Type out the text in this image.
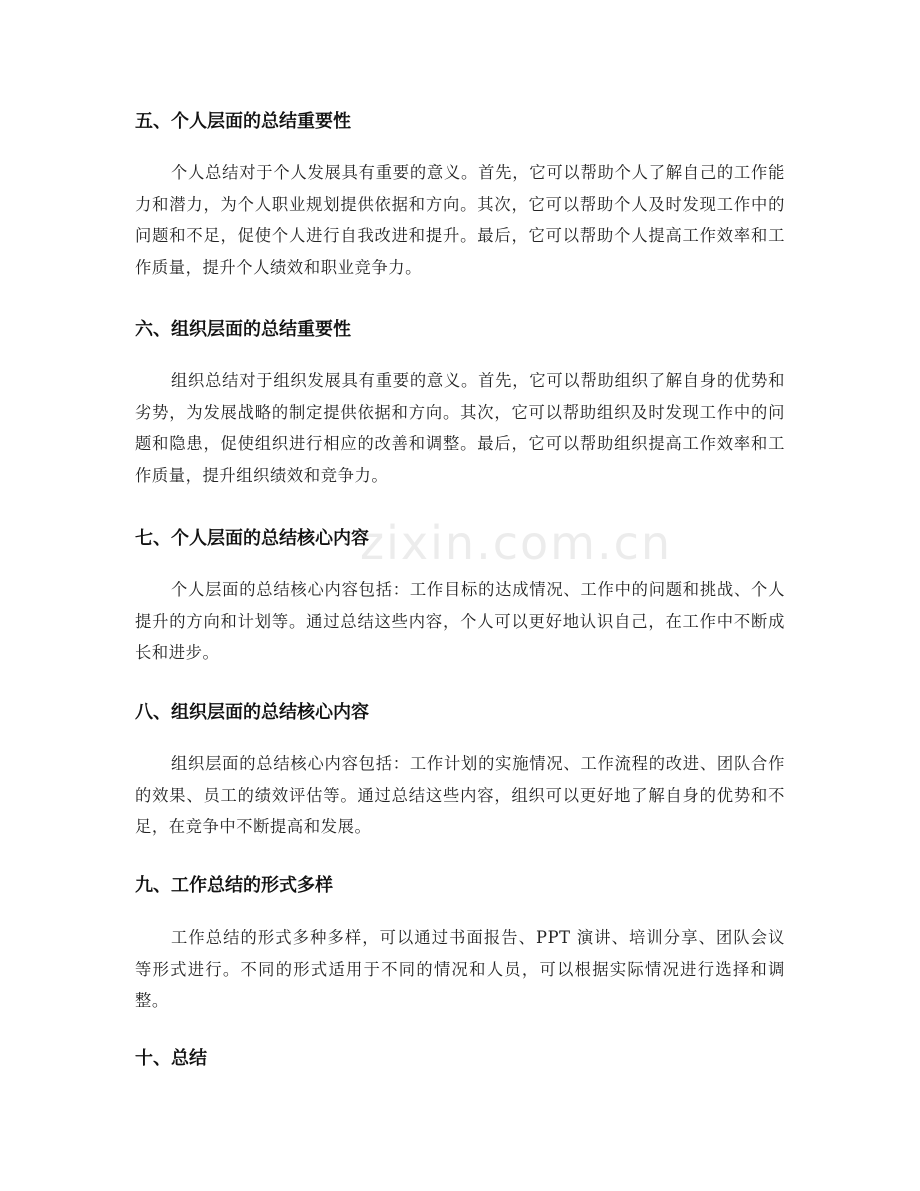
zixin.com.cn
五、个人层面的总结重要性

个人总结对于个人发展具有重要的意义。首先，它可以帮助个人了解自己的工作能力和潜力，为个人职业规划提供依据和方向。其次，它可以帮助个人及时发现工作中的问题和不足，促使个人进行自我改进和提升。最后，它可以帮助个人提高工作效率和工作质量，提升个人绩效和职业竞争力。

六、组织层面的总结重要性

组织总结对于组织发展具有重要的意义。首先，它可以帮助组织了解自身的优势和劣势，为发展战略的制定提供依据和方向。其次，它可以帮助组织及时发现工作中的问题和隐患，促使组织进行相应的改善和调整。最后，它可以帮助组织提高工作效率和工作质量，提升组织绩效和竞争力。

七、个人层面的总结核心内容

个人层面的总结核心内容包括：工作目标的达成情况、工作中的问题和挑战、个人提升的方向和计划等。通过总结这些内容，个人可以更好地认识自己，在工作中不断成长和进步。

八、组织层面的总结核心内容

组织层面的总结核心内容包括：工作计划的实施情况、工作流程的改进、团队合作的效果、员工的绩效评估等。通过总结这些内容，组织可以更好地了解自身的优势和不足，在竞争中不断提高和发展。

九、工作总结的形式多样

工作总结的形式多种多样，可以通过书面报告、PPT 演讲、培训分享、团队会议等形式进行。不同的形式适用于不同的情况和人员，可以根据实际情况进行选择和调整。

十、总结
